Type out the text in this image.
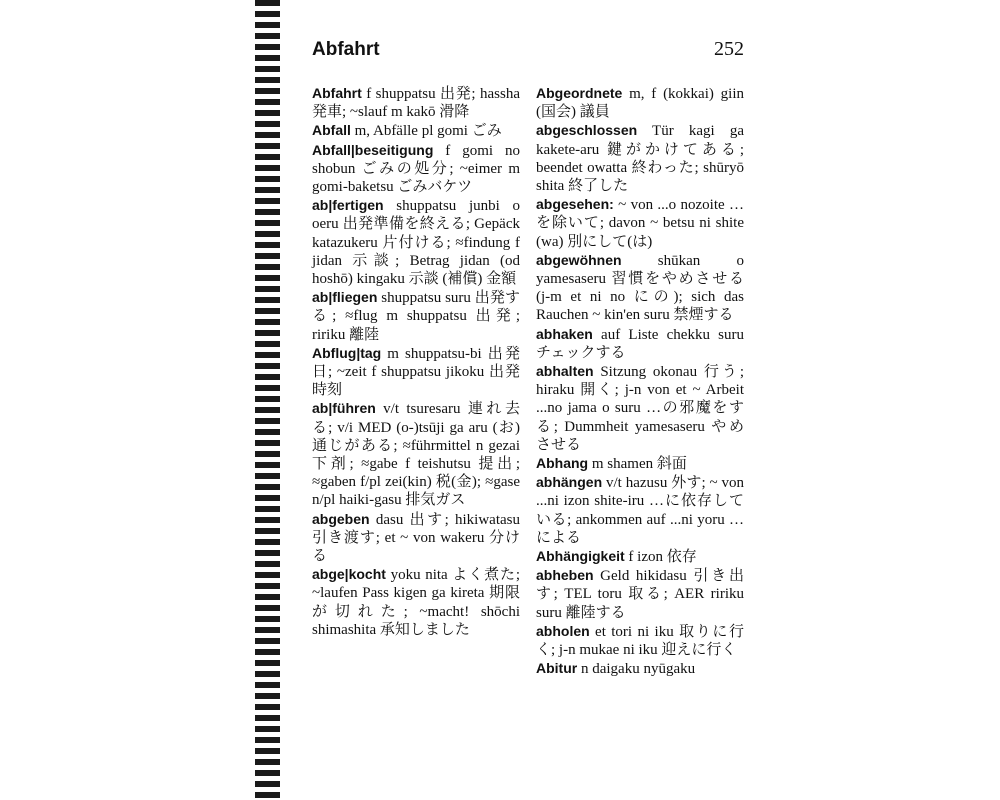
Abfahrt	252
Abfahrt f shuppatsu 出発; hassha 発車; ~slauf m kakō 滑降
Abfall m, Abfälle pl gomi ごみ
Abfall|beseitigung f gomi no shobun ごみの処分; ~eimer m gomi-baketsu ごみバケツ
ab|fertigen shuppatsu junbi o oeru 出発準備を終える; Gepäck katazukeru 片付ける; ≈findung f jidan 示談; Betrag jidan (od hoshō) kingaku 示談 (補償) 金額
ab|fliegen shuppatsu suru 出発する; ≈flug m shuppatsu 出発; ririku 離陸
Abflug|tag m shuppatsu-bi 出発日; ~zeit f shuppatsu jikoku 出発時刻
ab|führen v/t tsuresaru 連れ去る; v/i MED (o-)tsūji ga aru (お)通じがある; ≈führmittel n gezai 下剤; ≈gabe f teishutsu 提出; ≈gaben f/pl zei(kin) 税(金); ≈gase n/pl haiki-gasu 排気ガス
abgeben dasu 出す; hikiwatasu 引き渡す; et ~ von wakeru 分ける
abge|kocht yoku nita よく煮た; ~laufen Pass kigen ga kireta 期限が切れた; ~macht! shōchi shimashita 承知しました
Abgeordnete m, f (kokkai) giin (国会) 議員
abgeschlossen Tür kagi ga kakete-aru 鍵がかけてある; beendet owatta 終わった; shūryō shita 終了した
abgesehen: ~ von ...o nozoite …を除いて; davon ~ betsu ni shite (wa) 別にして(は)
abgewöhnen shūkan o yamesaseru 習慣をやめさせる (j-m et ni no にの); sich das Rauchen ~ kin'en suru 禁煙する
abhaken auf Liste chekku suru チェックする
abhalten Sitzung okonau 行う; hiraku 開く; j-n von et ~ Arbeit ...no jama o suru …の邪魔をする; Dummheit yamesaseru やめさせる
Abhang m shamen 斜面
abhängen v/t hazusu 外す; ~ von ...ni izon shite-iru …に依存している; ankommen auf ...ni yoru …による
Abhängigkeit f izon 依存
abheben Geld hikidasu 引き出す; TEL toru 取る; AER ririku suru 離陸する
abholen et tori ni iku 取りに行く; j-n mukae ni iku 迎えに行く
Abitur n daigaku nyūgaku
